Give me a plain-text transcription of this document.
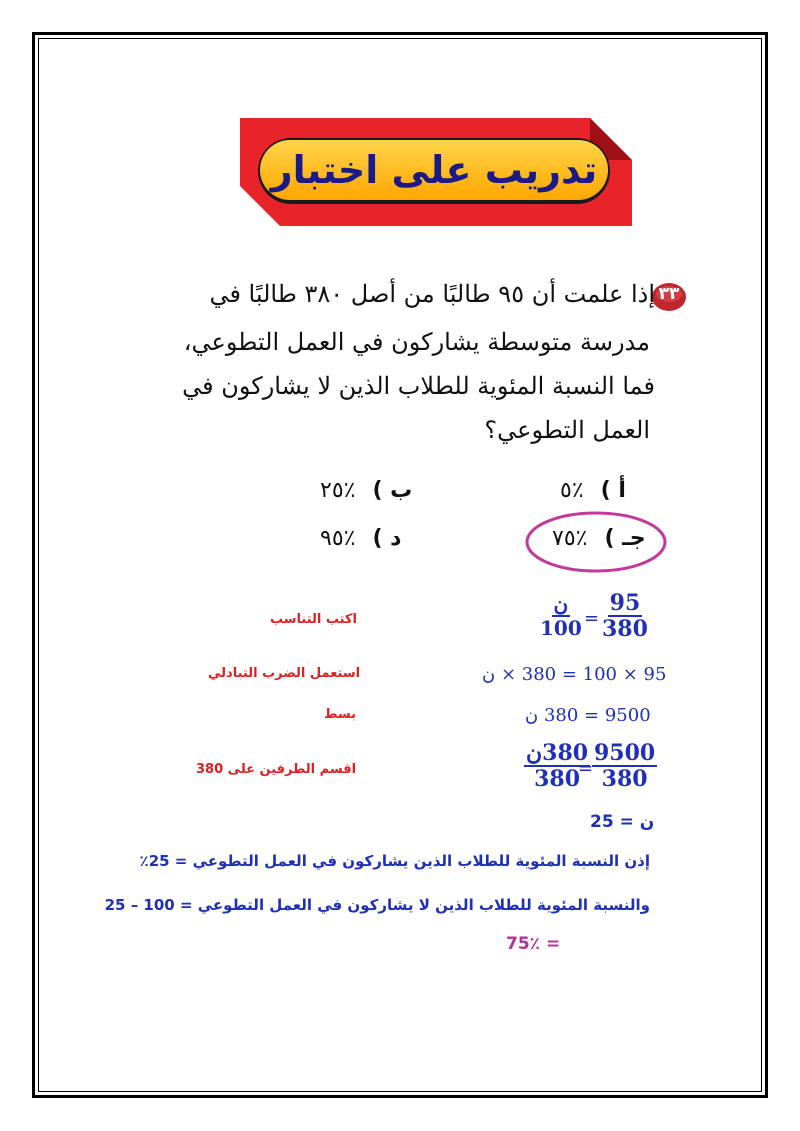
تدريب على اختبار
٣٣
إذا علمت أن ٩٥ طالبًا من أصل ٣٨٠ طالبًا في
مدرسة متوسطة يشاركون في العمل التطوعي،
فما النسبة المئوية للطلاب الذين لا يشاركون في
العمل التطوعي؟
أ ) ٪٥
ب ) ٪٢٥
جـ ) ٪٧٥
د ) ٪٩٥
$\frac{95}{380}$
=
ن
100
اكتب التناسب
95 × 100 = 380 × ن
استعمل الضرب التبادلي
9500 = 380 ن
بسط
$\frac{9500}{380}$
=
380ن
380
اقسم الطرفين على 380
ن = 25
إذن النسبة المئوية للطلاب الذين يشاركون في العمل التطوعي = 25٪
والنسبة المئوية للطلاب الذين لا يشاركون في العمل التطوعي = 100 – 25
= 75٪
